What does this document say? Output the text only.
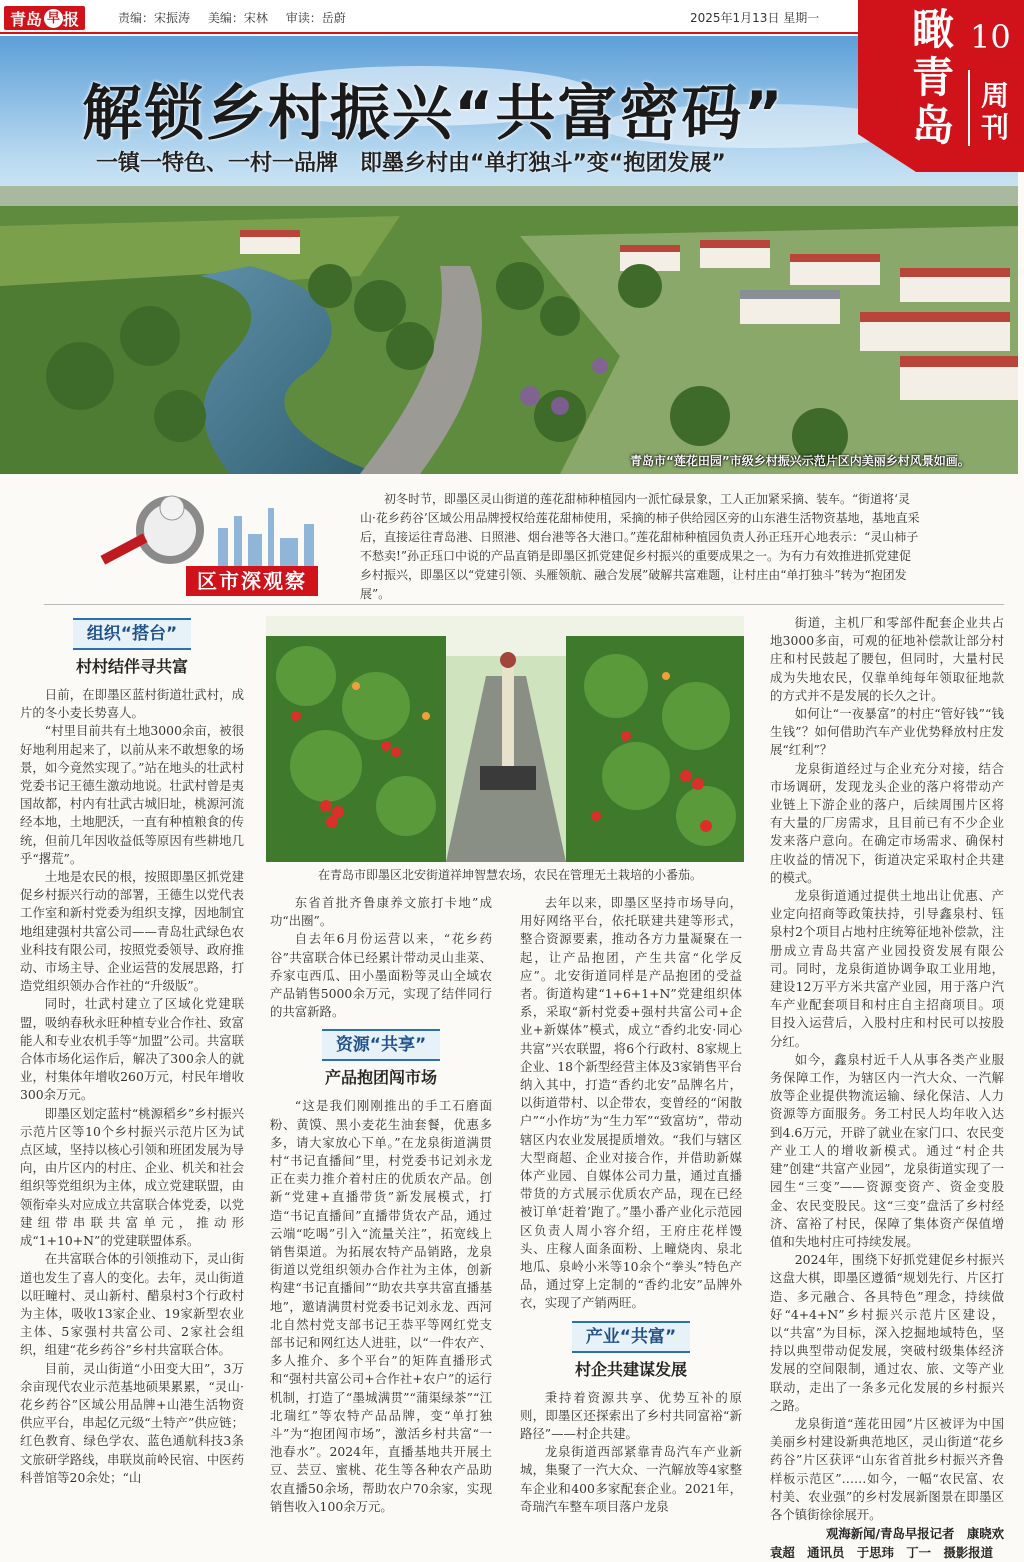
青岛 早 报	责编：宋振涛 美编：宋林 审读：岳蔚	2025年1月13日 星期一
解锁乡村振兴“共富密码”
一镇一特色、一村一品牌　即墨乡村由“单打独斗”变“抱团发展”
青岛市“莲花田园”市级乡村振兴示范片区内美丽乡村风景如画。
瞰青岛
10
周刊
区市深观察
初冬时节，即墨区灵山街道的莲花甜柿种植园内一派忙碌景象，工人正加紧采摘、装车。“街道将‘灵山·花乡药谷’区域公用品牌授权给莲花甜柿使用，采摘的柿子供给园区旁的山东港生活物资基地，基地直采后，直接运往青岛港、日照港、烟台港等各大港口。”莲花甜柿种植园负责人孙正珏开心地表示：“灵山柿子不愁卖!”孙正珏口中说的产品直销是即墨区抓党建促乡村振兴的重要成果之一。为有力有效推进抓党建促乡村振兴，即墨区以“党建引领、头雁领航、融合发展”破解共富难题，让村庄由“单打独斗”转为“抱团发展”。
组织“搭台”
村村结伴寻共富

日前，在即墨区蓝村街道壮武村，成片的冬小麦长势喜人。

“村里目前共有土地3000余亩，被很好地利用起来了，以前从来不敢想象的场景，如今竟然实现了。”站在地头的壮武村党委书记王德生激动地说。壮武村曾是夷国故都，村内有壮武古城旧址，桃源河流经本地，土地肥沃，一直有种植粮食的传统，但前几年因收益低等原因有些耕地几乎“撂荒”。

土地是农民的根，按照即墨区抓党建促乡村振兴行动的部署，王德生以党代表工作室和新村党委为组织支撑，因地制宜地组建强村共富公司——青岛壮武绿色农业科技有限公司，按照党委领导、政府推动、市场主导、企业运营的发展思路，打造党组织领办合作社的“升级版”。

同时，壮武村建立了区域化党建联盟，吸纳春秋永旺种植专业合作社、致富能人和专业农机手等“加盟”公司。共富联合体市场化运作后，解决了300余人的就业，村集体年增收260万元，村民年增收300余万元。

即墨区划定蓝村“桃源稻乡”乡村振兴示范片区等10个乡村振兴示范片区为试点区域，坚持以核心引领和班团发展为导向，由片区内的村庄、企业、机关和社会组织等党组织为主体，成立党建联盟，由领衔牵头对应成立共富联合体党委，以党建纽带串联共富单元，推动形成“1+10+N”的党建联盟体系。

在共富联合体的引领推动下，灵山街道也发生了喜人的变化。去年，灵山街道以旺疃村、灵山新村、醋泉村3个行政村为主体，吸收13家企业、19家新型农业主体、5家强村共富公司、2家社会组织，组建“花乡药谷”乡村共富联合体。

目前，灵山街道“小田变大田”，3万余亩现代农业示范基地硕果累累，“灵山·花乡药谷”区域公用品牌+山港生活物资供应平台，串起亿元级“土特产”供应链；红色教育、绿色学农、蓝色通航科技3条文旅研学路线，串联岚前岭民宿、中医药科普馆等20余处；“山

在青岛市即墨区北安街道祥坤智慧农场，农民在管理无土栽培的小番茄。

东省首批齐鲁康养文旅打卡地”成功“出圈”。

自去年6月份运营以来，“花乡药谷”共富联合体已经累计带动灵山韭菜、乔家屯西瓜、田小墨面粉等灵山全域农产品销售5000余万元，实现了结伴同行的共富新路。

资源“共享”
产品抱团闯市场

“这是我们刚刚推出的手工石磨面粉、黄馍、黑小麦花生油套餐，优惠多多，请大家放心下单。”在龙泉街道满贯村“书记直播间”里，村党委书记刘永龙正在卖力推介着村庄的优质农产品。创新“党建+直播带货”新发展模式，打造“书记直播间”直播带货农产品，通过云端“吃喝”引入“流量关注”，拓宽线上销售渠道。为拓展农特产品销路，龙泉街道以党组织领办合作社为主体，创新构建“书记直播间”“助农共享共富直播基地”，邀请满贯村党委书记刘永龙、西河北自然村党支部书记王恭平等网红党支部书记和网红达人进驻，以“一件农产、多人推介、多个平台”的矩阵直播形式和“强村共富公司+合作社+农户”的运行机制，打造了“墨城满贯”“蒲渠绿茶”“江北瑞红”等农特产品品牌，变“单打独斗”为“抱团闯市场”，激活乡村共富“一池春水”。2024年，直播基地共开展土豆、芸豆、蜜桃、花生等各种农产品助农直播50余场，帮助农户70余家，实现销售收入100余万元。

去年以来，即墨区坚持市场导向，用好网络平台，依托联建共建等形式，整合资源要素，推动各方力量凝聚在一起，让产品抱团，产生共富“化学反应”。北安街道同样是产品抱团的受益者。街道构建“1+6+1+N”党建组织体系，采取“新村党委+强村共富公司+企业+新媒体”模式，成立“香约北安·同心共富”兴农联盟，将6个行政村、8家规上企业、18个新型经营主体及3家销售平台纳入其中，打造“香约北安”品牌名片，以街道带村、以企带农，变曾经的“闲散户”“小作坊”为“生力军”“致富坊”，带动辖区内农业发展提质增效。“我们与辖区大型商超、企业对接合作，并借助新媒体产业园、自媒体公司力量，通过直播带货的方式展示优质农产品，现在已经被订单‘赶着’跑了。”墨小番产业化示范园区负责人周小容介绍，王府庄花样馒头、庄稼人面条面粉、上疃烧肉、泉北地瓜、泉岭小米等10余个“拳头”特色产品，通过穿上定制的“香约北安”品牌外衣，实现了产销两旺。

产业“共富”
村企共建谋发展

秉持着资源共享、优势互补的原则，即墨区还探索出了乡村共同富裕“新路径”——村企共建。

龙泉街道西部紧靠青岛汽车产业新城，集聚了一汽大众、一汽解放等4家整车企业和400多家配套企业。2021年，奇瑞汽车整车项目落户龙泉

街道，主机厂和零部件配套企业共占地3000多亩，可观的征地补偿款让部分村庄和村民鼓起了腰包，但同时，大量村民成为失地农民，仅靠单纯每年领取征地款的方式并不是发展的长久之计。

如何让“一夜暴富”的村庄“管好钱”“钱生钱”？如何借助汽车产业优势释放村庄发展“红利”？

龙泉街道经过与企业充分对接，结合市场调研，发现龙头企业的落户将带动产业链上下游企业的落户，后续周围片区将有大量的厂房需求，且目前已有不少企业发来落户意向。在确定市场需求、确保村庄收益的情况下，街道决定采取村企共建的模式。

龙泉街道通过提供土地出让优惠、产业定向招商等政策扶持，引导鑫泉村、钰泉村2个项目占地村庄统筹征地补偿款，注册成立青岛共富产业园投资发展有限公司。同时，龙泉街道协调争取工业用地，建设12万平方米共富产业园，用于落户汽车产业配套项目和村庄自主招商项目。项目投入运营后，入股村庄和村民可以按股分红。

如今，鑫泉村近千人从事各类产业服务保障工作，为辖区内一汽大众、一汽解放等企业提供物流运输、绿化保洁、人力资源等方面服务。务工村民人均年收入达到4.6万元，开辟了就业在家门口、农民变产业工人的增收新模式。通过“村企共建”创建“共富产业园”，龙泉街道实现了一园生“三变”——资源变资产、资金变股金、农民变股民。这“三变”盘活了乡村经济、富裕了村民，保障了集体资产保值增值和失地村庄可持续发展。

2024年，围绕下好抓党建促乡村振兴这盘大棋，即墨区遵循“规划先行、片区打造、多元融合、各具特色”理念，持续做好“4+4+N”乡村振兴示范片区建设，以“共富”为目标，深入挖掘地域特色，坚持以典型带动促发展，突破村级集体经济发展的空间限制，通过农、旅、文等产业联动，走出了一条多元化发展的乡村振兴之路。

龙泉街道“莲花田园”片区被评为中国美丽乡村建设新典范地区，灵山街道“花乡药谷”片区获评“山东省首批乡村振兴齐鲁样板示范区”……如今，一幅“农民富、农村美、农业强”的乡村发展新图景在即墨区各个镇街徐徐展开。

观海新闻/青岛早报记者　康晓欢
袁超　通讯员　于思玮　丁一　摄影报道
